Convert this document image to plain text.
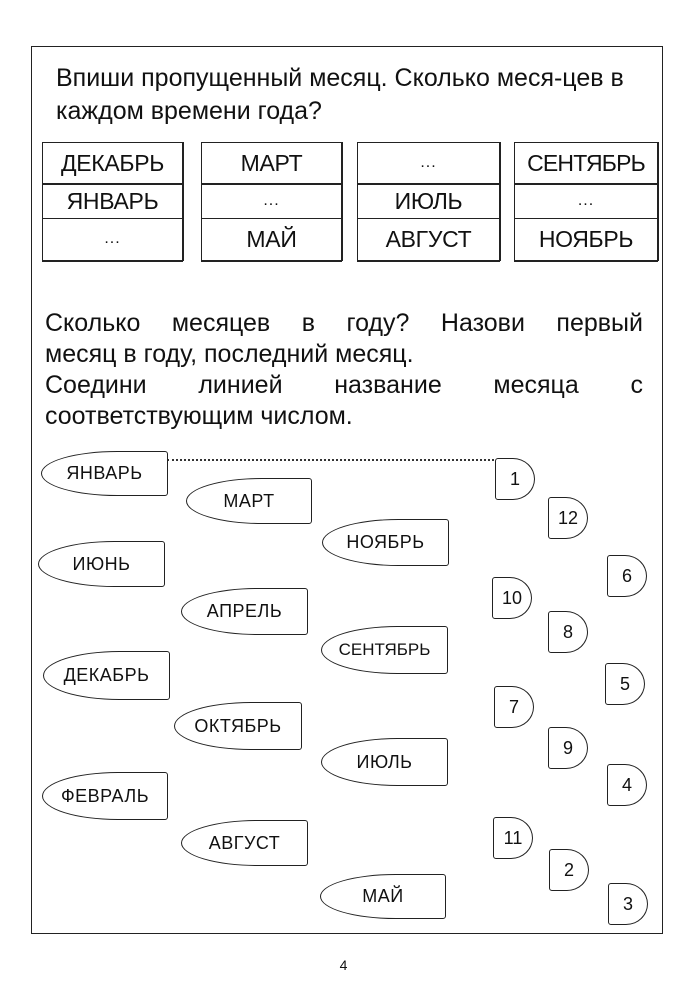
Впиши пропущенный месяц. Сколько меся-цев в каждом времени года?
ДЕКАБРЬ
ЯНВАРЬ
...
МАРТ
...
МАЙ
...
ИЮЛЬ
АВГУСТ
СЕНТЯБРЬ
...
НОЯБРЬ

Сколько месяцев в году? Назови первый

месяц в году, последний месяц.

Соедини линией название месяца с

соответствующим числом.

ЯНВАРЬ
МАРТ
НОЯБРЬ
ИЮНЬ
АПРЕЛЬ
СЕНТЯБРЬ
ДЕКАБРЬ
ОКТЯБРЬ
ИЮЛЬ
ФЕВРАЛЬ
АВГУСТ
МАЙ
1
12
6
10
8
5
7
9
4
11
2
3
4
